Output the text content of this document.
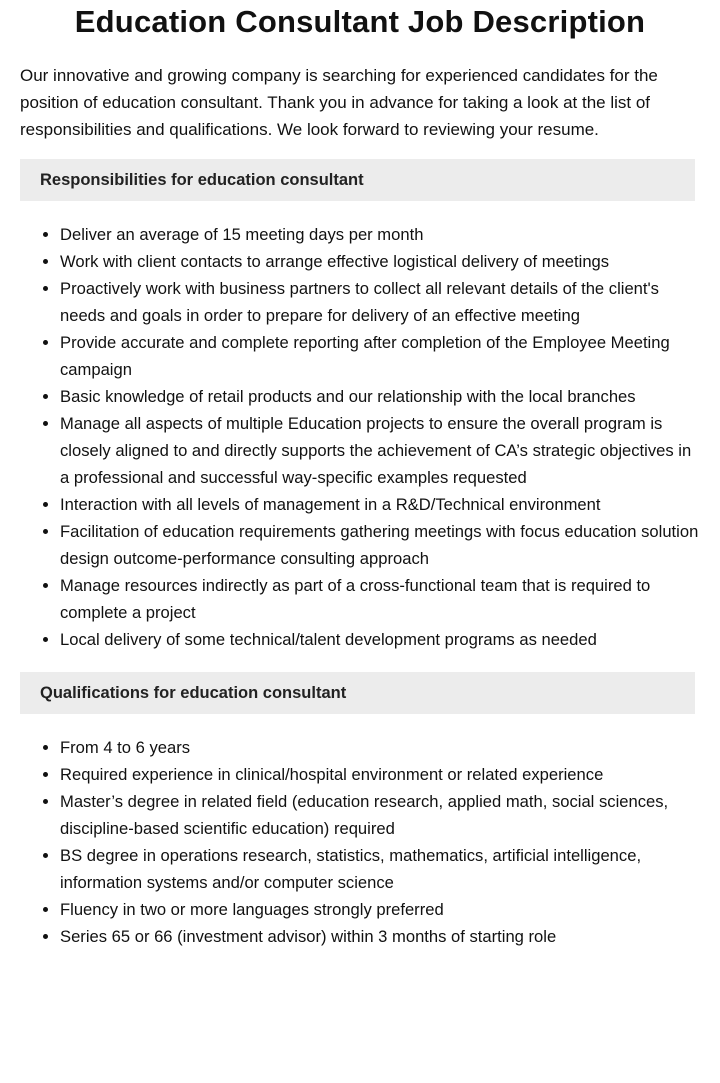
Education Consultant Job Description

Our innovative and growing company is searching for experienced candidates for the position of education consultant. Thank you in advance for taking a look at the list of responsibilities and qualifications. We look forward to reviewing your resume.

Responsibilities for education consultant
• Deliver an average of 15 meeting days per month
• Work with client contacts to arrange effective logistical delivery of meetings
• Proactively work with business partners to collect all relevant details of the client's needs and goals in order to prepare for delivery of an effective meeting
• Provide accurate and complete reporting after completion of the Employee Meeting campaign
• Basic knowledge of retail products and our relationship with the local branches
• Manage all aspects of multiple Education projects to ensure the overall program is closely aligned to and directly supports the achievement of CA’s strategic objectives in a professional and successful way-specific examples requested
• Interaction with all levels of management in a R&D/Technical environment
• Facilitation of education requirements gathering meetings with focus education solution design outcome-performance consulting approach
• Manage resources indirectly as part of a cross-functional team that is required to complete a project
• Local delivery of some technical/talent development programs as needed
Qualifications for education consultant
• From 4 to 6 years
• Required experience in clinical/hospital environment or related experience
• Master’s degree in related field (education research, applied math, social sciences, discipline-based scientific education) required
• BS degree in operations research, statistics, mathematics, artificial intelligence, information systems and/or computer science
• Fluency in two or more languages strongly preferred
• Series 65 or 66 (investment advisor) within 3 months of starting role
